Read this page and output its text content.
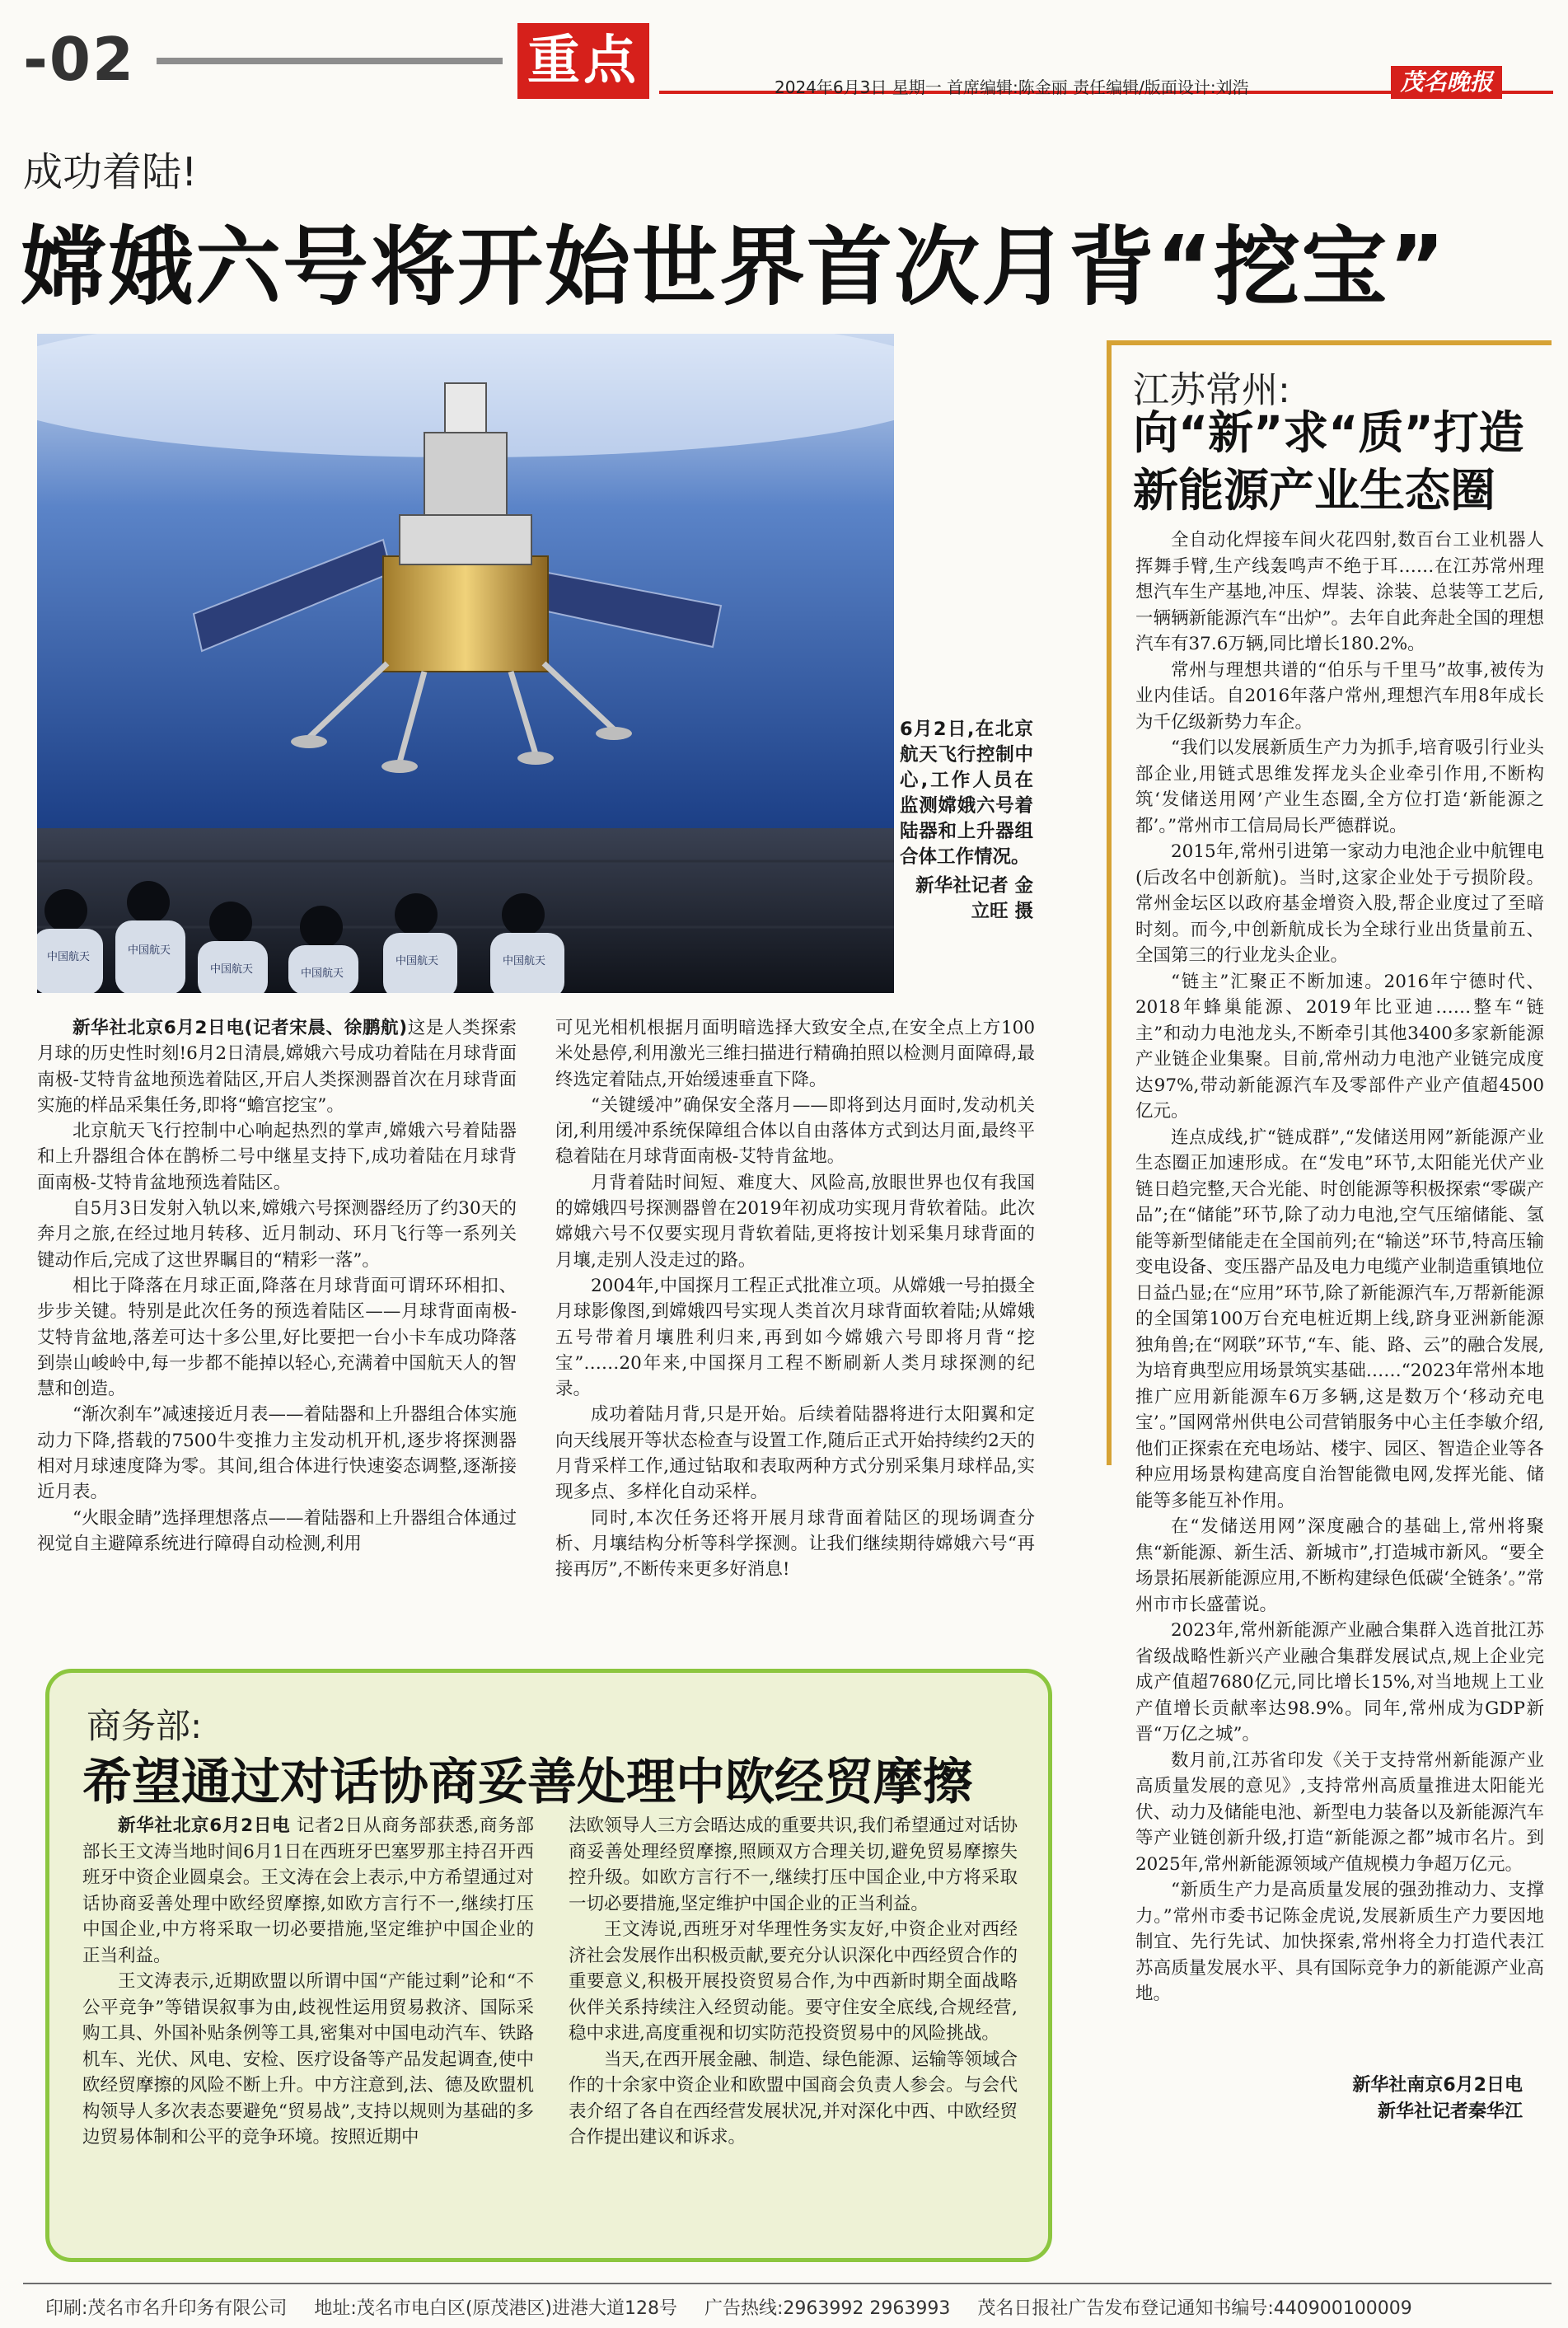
-02	重点	2024年6月3日 星期一 首席编辑:陈金丽 责任编辑/版面设计:刘浩	茂名晚报
成功着陆!
嫦娥六号将开始世界首次月背“挖宝”
中国航天
中国航天
中国航天	中国航天
中国航天	中国航天
6月2日,在北京航天飞行控制中心,工作人员在监测嫦娥六号着陆器和上升器组合体工作情况。
新华社记者 金立旺 摄

新华社北京6月2日电(记者宋晨、徐鹏航)这是人类探索月球的历史性时刻!6月2日清晨,嫦娥六号成功着陆在月球背面南极-艾特肯盆地预选着陆区,开启人类探测器首次在月球背面实施的样品采集任务,即将“蟾宫挖宝”。

北京航天飞行控制中心响起热烈的掌声,嫦娥六号着陆器和上升器组合体在鹊桥二号中继星支持下,成功着陆在月球背面南极-艾特肯盆地预选着陆区。

自5月3日发射入轨以来,嫦娥六号探测器经历了约30天的奔月之旅,在经过地月转移、近月制动、环月飞行等一系列关键动作后,完成了这世界瞩目的“精彩一落”。

相比于降落在月球正面,降落在月球背面可谓环环相扣、步步关键。特别是此次任务的预选着陆区——月球背面南极-艾特肯盆地,落差可达十多公里,好比要把一台小卡车成功降落到崇山峻岭中,每一步都不能掉以轻心,充满着中国航天人的智慧和创造。

“渐次刹车”减速接近月表——着陆器和上升器组合体实施动力下降,搭载的7500牛变推力主发动机开机,逐步将探测器相对月球速度降为零。其间,组合体进行快速姿态调整,逐渐接近月表。

“火眼金睛”选择理想落点——着陆器和上升器组合体通过视觉自主避障系统进行障碍自动检测,利用

可见光相机根据月面明暗选择大致安全点,在安全点上方100米处悬停,利用激光三维扫描进行精确拍照以检测月面障碍,最终选定着陆点,开始缓速垂直下降。

“关键缓冲”确保安全落月——即将到达月面时,发动机关闭,利用缓冲系统保障组合体以自由落体方式到达月面,最终平稳着陆在月球背面南极-艾特肯盆地。

月背着陆时间短、难度大、风险高,放眼世界也仅有我国的嫦娥四号探测器曾在2019年初成功实现月背软着陆。此次嫦娥六号不仅要实现月背软着陆,更将按计划采集月球背面的月壤,走别人没走过的路。

2004年,中国探月工程正式批准立项。从嫦娥一号拍摄全月球影像图,到嫦娥四号实现人类首次月球背面软着陆;从嫦娥五号带着月壤胜利归来,再到如今嫦娥六号即将月背“挖宝”……20年来,中国探月工程不断刷新人类月球探测的纪录。

成功着陆月背,只是开始。后续着陆器将进行太阳翼和定向天线展开等状态检查与设置工作,随后正式开始持续约2天的月背采样工作,通过钻取和表取两种方式分别采集月球样品,实现多点、多样化自动采样。

同时,本次任务还将开展月球背面着陆区的现场调查分析、月壤结构分析等科学探测。让我们继续期待嫦娥六号“再接再厉”,不断传来更多好消息!

江苏常州:
向“新”求“质”打造
新能源产业生态圈

全自动化焊接车间火花四射,数百台工业机器人挥舞手臂,生产线轰鸣声不绝于耳……在江苏常州理想汽车生产基地,冲压、焊装、涂装、总装等工艺后,一辆辆新能源汽车“出炉”。去年自此奔赴全国的理想汽车有37.6万辆,同比增长180.2%。

常州与理想共谱的“伯乐与千里马”故事,被传为业内佳话。自2016年落户常州,理想汽车用8年成长为千亿级新势力车企。

“我们以发展新质生产力为抓手,培育吸引行业头部企业,用链式思维发挥龙头企业牵引作用,不断构筑‘发储送用网’产业生态圈,全方位打造‘新能源之都’。”常州市工信局局长严德群说。

2015年,常州引进第一家动力电池企业中航锂电(后改名中创新航)。当时,这家企业处于亏损阶段。常州金坛区以政府基金增资入股,帮企业度过了至暗时刻。而今,中创新航成长为全球行业出货量前五、全国第三的行业龙头企业。

“链主”汇聚正不断加速。2016年宁德时代、2018年蜂巢能源、2019年比亚迪……整车“链主”和动力电池龙头,不断牵引其他3400多家新能源产业链企业集聚。目前,常州动力电池产业链完成度达97%,带动新能源汽车及零部件产业产值超4500亿元。

连点成线,扩“链成群”,“发储送用网”新能源产业生态圈正加速形成。在“发电”环节,太阳能光伏产业链日趋完整,天合光能、时创能源等积极探索“零碳产品”;在“储能”环节,除了动力电池,空气压缩储能、氢能等新型储能走在全国前列;在“输送”环节,特高压输变电设备、变压器产品及电力电缆产业制造重镇地位日益凸显;在“应用”环节,除了新能源汽车,万帮新能源的全国第100万台充电桩近期上线,跻身亚洲新能源独角兽;在“网联”环节,“车、能、路、云”的融合发展,为培育典型应用场景筑实基础……“2023年常州本地推广应用新能源车6万多辆,这是数万个‘移动充电宝’。”国网常州供电公司营销服务中心主任李敏介绍,他们正探索在充电场站、楼宇、园区、智造企业等各种应用场景构建高度自治智能微电网,发挥光能、储能等多能互补作用。

在“发储送用网”深度融合的基础上,常州将聚焦“新能源、新生活、新城市”,打造城市新风。“要全场景拓展新能源应用,不断构建绿色低碳‘全链条’。”常州市市长盛蕾说。

2023年,常州新能源产业融合集群入选首批江苏省级战略性新兴产业融合集群发展试点,规上企业完成产值超7680亿元,同比增长15%,对当地规上工业产值增长贡献率达98.9%。同年,常州成为GDP新晋“万亿之城”。

数月前,江苏省印发《关于支持常州新能源产业高质量发展的意见》,支持常州高质量推进太阳能光伏、动力及储能电池、新型电力装备以及新能源汽车等产业链创新升级,打造“新能源之都”城市名片。到2025年,常州新能源领域产值规模力争超万亿元。

“新质生产力是高质量发展的强劲推动力、支撑力。”常州市委书记陈金虎说,发展新质生产力要因地制宜、先行先试、加快探索,常州将全力打造代表江苏高质量发展水平、具有国际竞争力的新能源产业高地。

新华社南京6月2日电
新华社记者秦华江
商务部:
希望通过对话协商妥善处理中欧经贸摩擦

新华社北京6月2日电 记者2日从商务部获悉,商务部部长王文涛当地时间6月1日在西班牙巴塞罗那主持召开西班牙中资企业圆桌会。王文涛在会上表示,中方希望通过对话协商妥善处理中欧经贸摩擦,如欧方言行不一,继续打压中国企业,中方将采取一切必要措施,坚定维护中国企业的正当利益。

王文涛表示,近期欧盟以所谓中国“产能过剩”论和“不公平竞争”等错误叙事为由,歧视性运用贸易救济、国际采购工具、外国补贴条例等工具,密集对中国电动汽车、铁路机车、光伏、风电、安检、医疗设备等产品发起调查,使中欧经贸摩擦的风险不断上升。中方注意到,法、德及欧盟机构领导人多次表态要避免“贸易战”,支持以规则为基础的多边贸易体制和公平的竞争环境。按照近期中

法欧领导人三方会晤达成的重要共识,我们希望通过对话协商妥善处理经贸摩擦,照顾双方合理关切,避免贸易摩擦失控升级。如欧方言行不一,继续打压中国企业,中方将采取一切必要措施,坚定维护中国企业的正当利益。

王文涛说,西班牙对华理性务实友好,中资企业对西经济社会发展作出积极贡献,要充分认识深化中西经贸合作的重要意义,积极开展投资贸易合作,为中西新时期全面战略伙伴关系持续注入经贸动能。要守住安全底线,合规经营,稳中求进,高度重视和切实防范投资贸易中的风险挑战。

当天,在西开展金融、制造、绿色能源、运输等领域合作的十余家中资企业和欧盟中国商会负责人参会。与会代表介绍了各自在西经营发展状况,并对深化中西、中欧经贸合作提出建议和诉求。

印刷:茂名市名升印务有限公司 地址:茂名市电白区(原茂港区)进港大道128号 广告热线:2963992 2963993 茂名日报社广告发布登记通知书编号:440900100009
